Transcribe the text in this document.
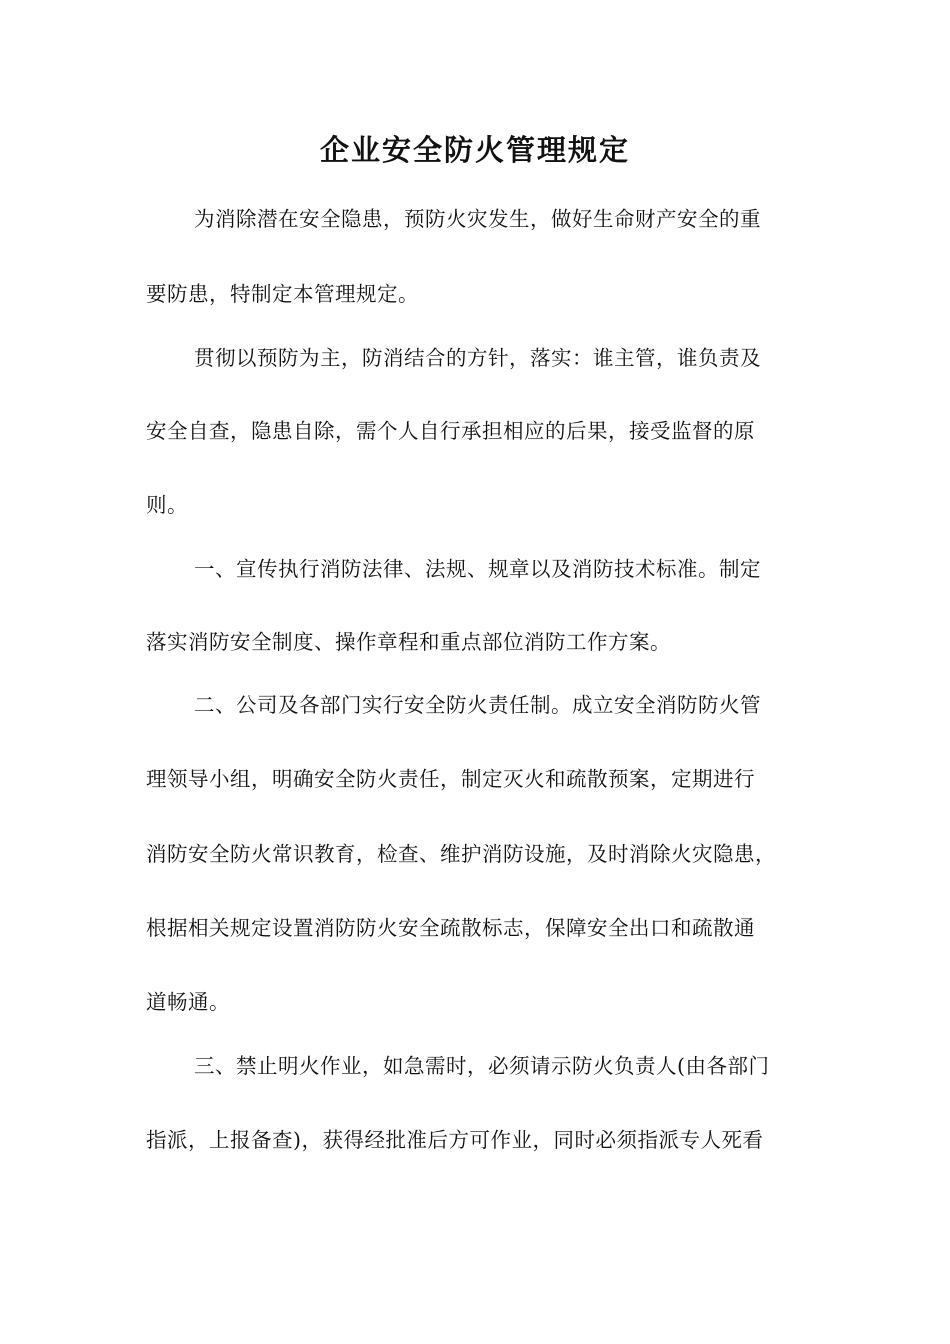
企业安全防火管理规定
为消除潜在安全隐患，预防火灾发生，做好生命财产安全的重
要防患，特制定本管理规定。
贯彻以预防为主，防消结合的方针，落实：谁主管，谁负责及
安全自查，隐患自除，需个人自行承担相应的后果，接受监督的原
则。
一、宣传执行消防法律、法规、规章以及消防技术标准。制定
落实消防安全制度、操作章程和重点部位消防工作方案。
二、公司及各部门实行安全防火责任制。成立安全消防防火管
理领导小组，明确安全防火责任，制定灭火和疏散预案，定期进行
消防安全防火常识教育，检查、维护消防设施，及时消除火灾隐患，
根据相关规定设置消防防火安全疏散标志，保障安全出口和疏散通
道畅通。
三、禁止明火作业，如急需时，必须请示防火负责人(由各部门
指派，上报备查)，获得经批准后方可作业，同时必须指派专人死看
